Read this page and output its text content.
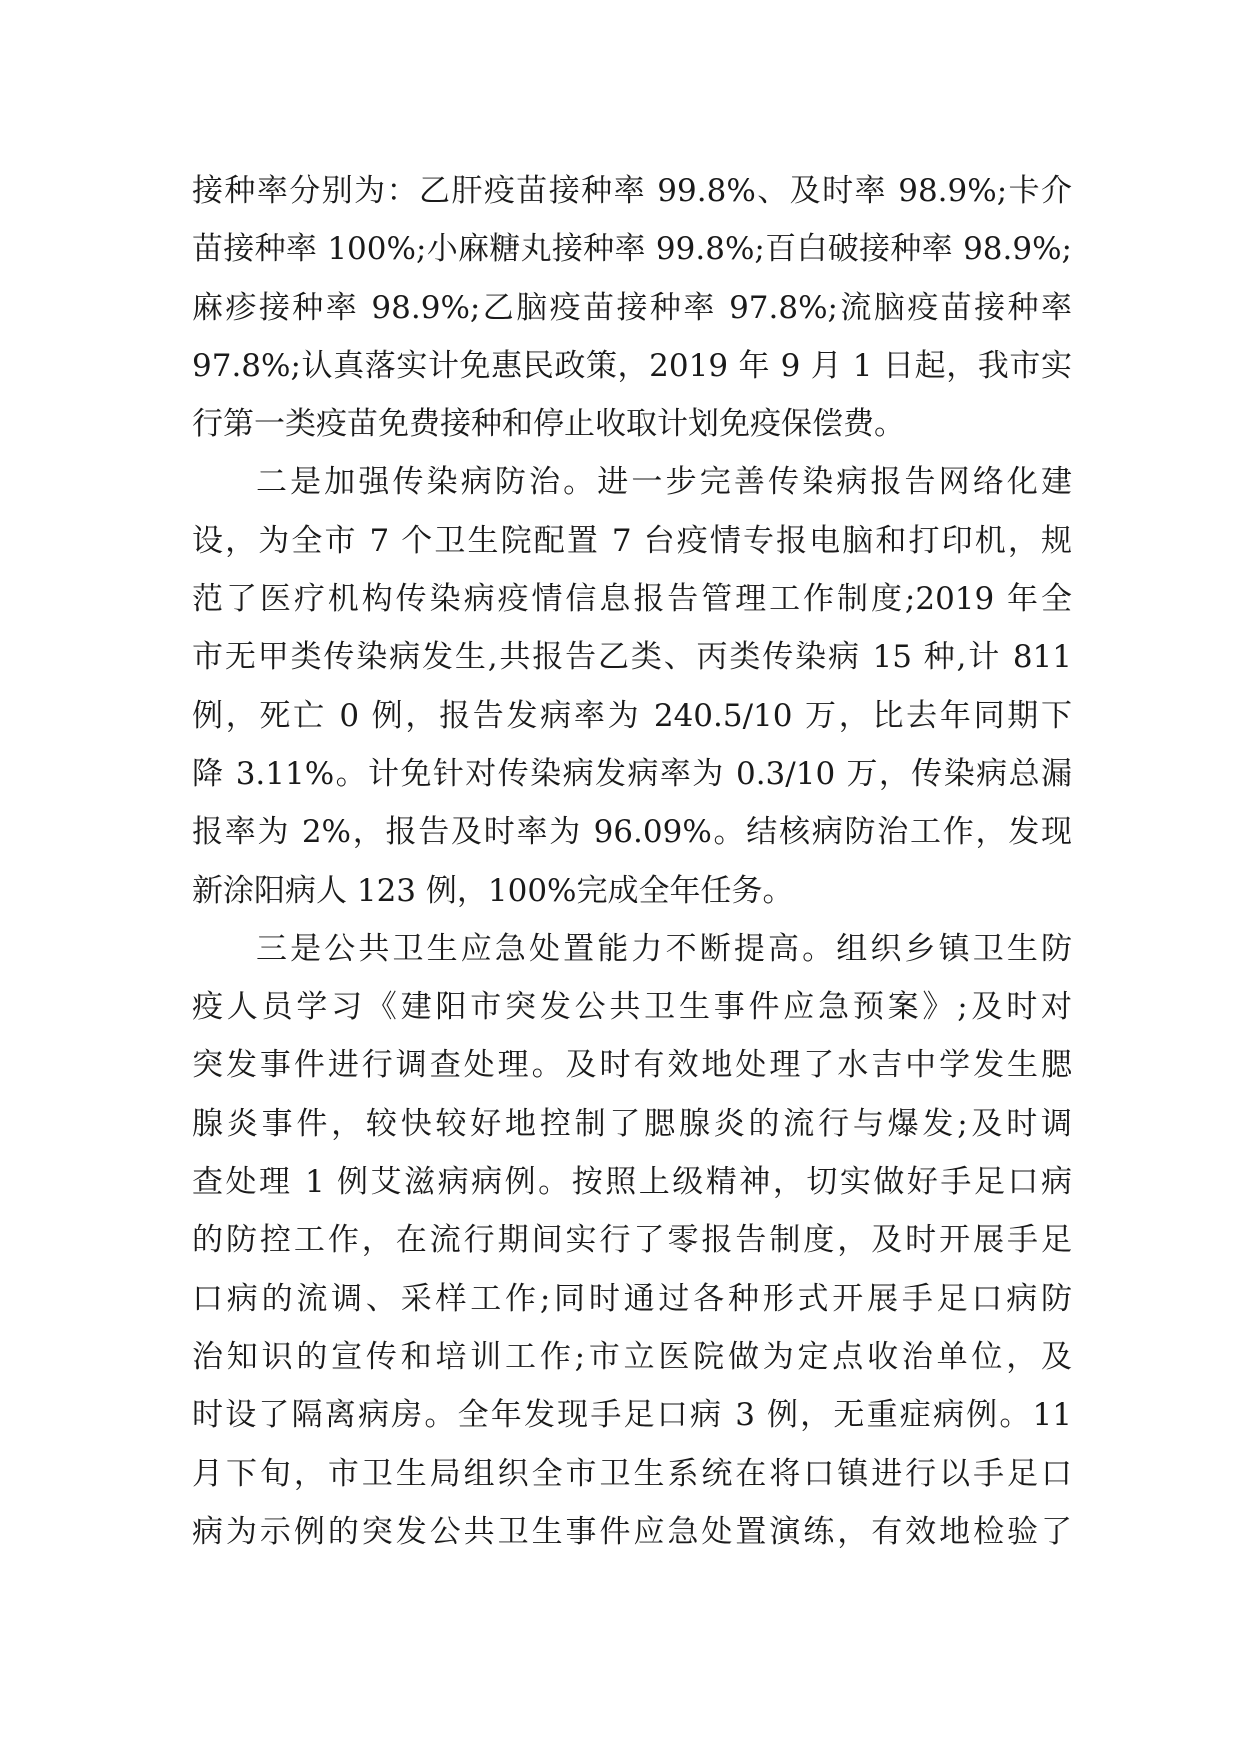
接种率分别为：乙肝疫苗接种率 99.8%、及时率 98.9%;卡介
苗接种率 100%;小麻糖丸接种率 99.8%;百白破接种率 98.9%;
麻疹接种率 98.9%;乙脑疫苗接种率 97.8%;流脑疫苗接种率
97.8%;认真落实计免惠民政策，2019 年 9 月 1 日起，我市实
行第一类疫苗免费接种和停止收取计划免疫保偿费。
二是加强传染病防治。进一步完善传染病报告网络化建
设，为全市 7 个卫生院配置 7 台疫情专报电脑和打印机，规
范了医疗机构传染病疫情信息报告管理工作制度;2019 年全
市无甲类传染病发生,共报告乙类、丙类传染病 15 种,计 811
例，死亡 0 例，报告发病率为 240.5/10 万，比去年同期下
降 3.11%。计免针对传染病发病率为 0.3/10 万，传染病总漏
报率为 2%，报告及时率为 96.09%。结核病防治工作，发现
新涂阳病人 123 例，100%完成全年任务。
三是公共卫生应急处置能力不断提高。组织乡镇卫生防
疫人员学习《建阳市突发公共卫生事件应急预案》;及时对
突发事件进行调查处理。及时有效地处理了水吉中学发生腮
腺炎事件，较快较好地控制了腮腺炎的流行与爆发;及时调
查处理 1 例艾滋病病例。按照上级精神，切实做好手足口病
的防控工作，在流行期间实行了零报告制度，及时开展手足
口病的流调、采样工作;同时通过各种形式开展手足口病防
治知识的宣传和培训工作;市立医院做为定点收治单位，及
时设了隔离病房。全年发现手足口病 3 例，无重症病例。11
月下旬，市卫生局组织全市卫生系统在将口镇进行以手足口
病为示例的突发公共卫生事件应急处置演练，有效地检验了
